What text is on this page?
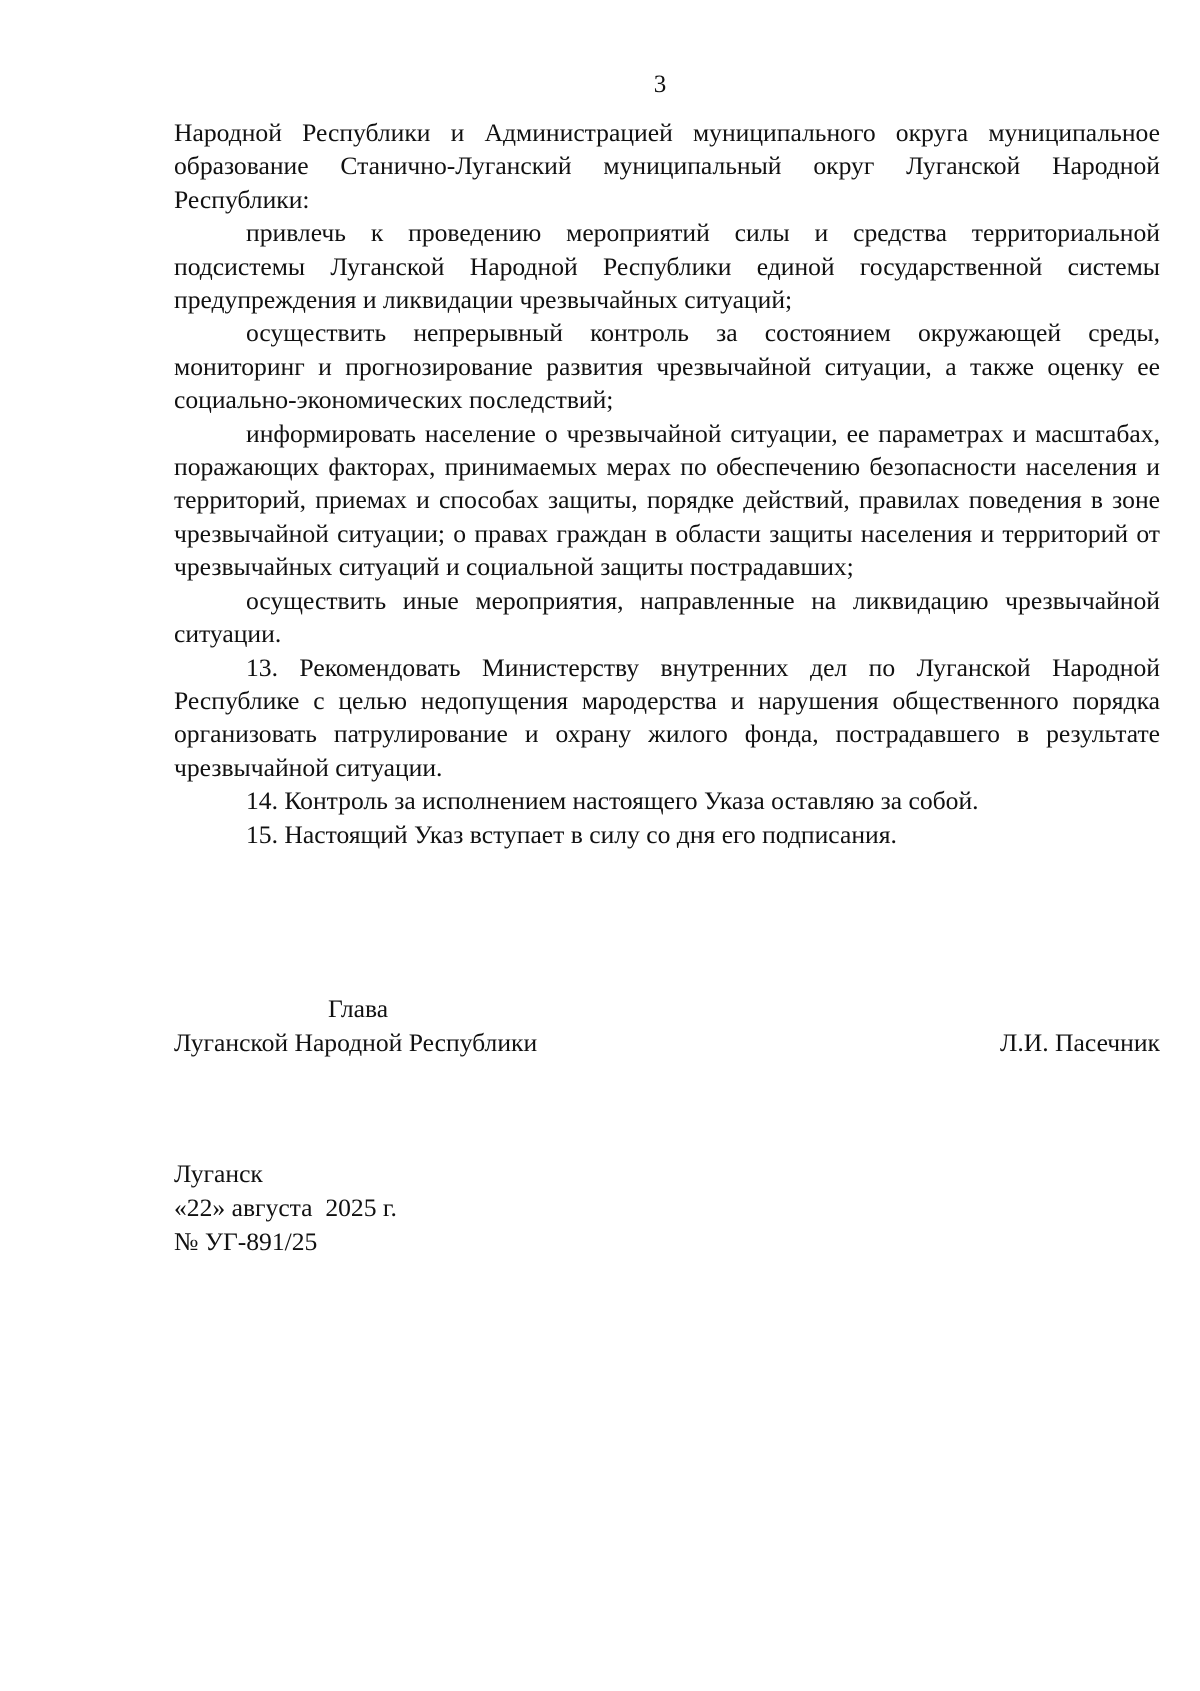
3

Народной Республики и Администрацией муниципального округа муниципальное образование Станично-Луганский муниципальный округ Луганской Народной Республики:

привлечь к проведению мероприятий силы и средства территориальной подсистемы Луганской Народной Республики единой государственной системы предупреждения и ликвидации чрезвычайных ситуаций;

осуществить непрерывный контроль за состоянием окружающей среды, мониторинг и прогнозирование развития чрезвычайной ситуации, а также оценку ее социально-экономических последствий;

информировать население о чрезвычайной ситуации, ее параметрах и масштабах, поражающих факторах, принимаемых мерах по обеспечению безопасности населения и территорий, приемах и способах защиты, порядке действий, правилах поведения в зоне чрезвычайной ситуации; о правах граждан в области защиты населения и территорий от чрезвычайных ситуаций и социальной защиты пострадавших;

осуществить иные мероприятия, направленные на ликвидацию чрезвычайной ситуации.

13. Рекомендовать Министерству внутренних дел по Луганской Народной Республике с целью недопущения мародерства и нарушения общественного порядка организовать патрулирование и охрану жилого фонда, пострадавшего в результате чрезвычайной ситуации.

14. Контроль за исполнением настоящего Указа оставляю за собой.

15. Настоящий Указ вступает в силу со дня его подписания.

Глава
Луганской Народной Республики	Л.И. Пасечник
Луганск
«22» августа  2025 г.
№ УГ-891/25
